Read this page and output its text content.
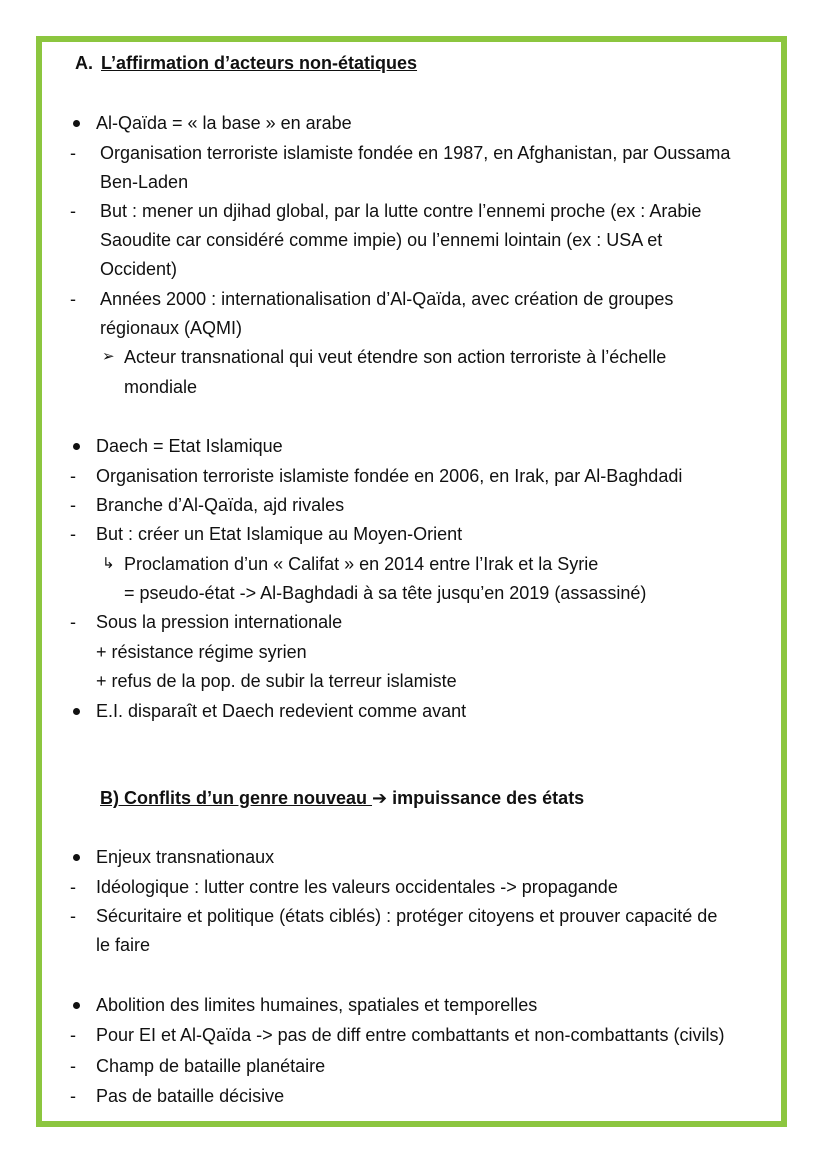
A. L’affirmation d’acteurs non-étatiques
Al-Qaïda = « la base » en arabe
- Organisation terroriste islamiste fondée en 1987, en Afghanistan, par Oussama
Ben-Laden
- But : mener un djihad global, par la lutte contre l’ennemi proche (ex : Arabie
Saoudite car considéré comme impie) ou l’ennemi lointain (ex : USA et
Occident)
- Années 2000 : internationalisation d’Al-Qaïda, avec création de groupes
régionaux (AQMI)
➢ Acteur transnational qui veut étendre son action terroriste à l’échelle
mondiale
Daech = Etat Islamique
- Organisation terroriste islamiste fondée en 2006, en Irak, par Al-Baghdadi
- Branche d’Al-Qaïda, ajd rivales
- But : créer un Etat Islamique au Moyen-Orient
↳ Proclamation d’un « Califat » en 2014 entre l’Irak et la Syrie
= pseudo-état -> Al-Baghdadi à sa tête jusqu’en 2019 (assassiné)
- Sous la pression internationale
+ résistance régime syrien
+ refus de la pop. de subir la terreur islamiste
E.I. disparaît et Daech redevient comme avant
B) Conflits d’un genre nouveau ➔ impuissance des états
Enjeux transnationaux
- Idéologique : lutter contre les valeurs occidentales -> propagande
- Sécuritaire et politique (états ciblés) : protéger citoyens et prouver capacité de
le faire
Abolition des limites humaines, spatiales et temporelles
- Pour EI et Al-Qaïda -> pas de diff entre combattants et non-combattants (civils)
- Champ de bataille planétaire
- Pas de bataille décisive
